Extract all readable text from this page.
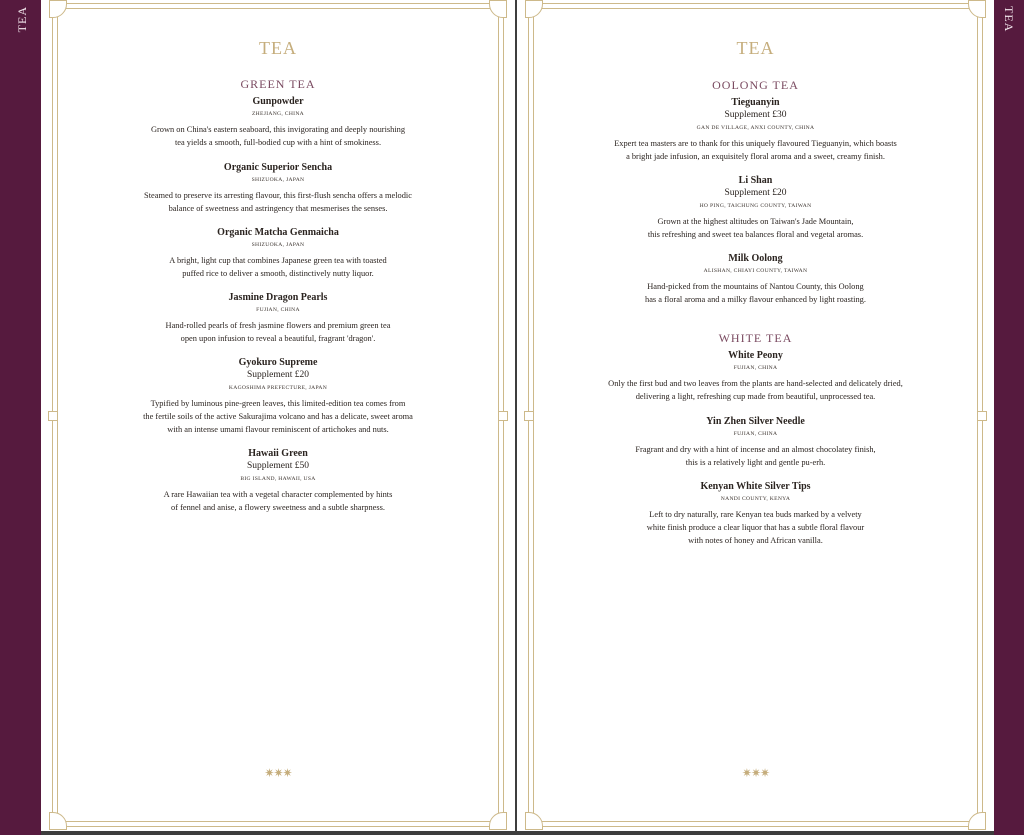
TEA	TEA
TEA
GREEN TEA
Gunpowder
ZHEJIANG, CHINA
Grown on China's eastern seaboard, this invigorating and deeply nourishing
tea yields a smooth, full-bodied cup with a hint of smokiness.
Organic Superior Sencha
SHIZUOKA, JAPAN
Steamed to preserve its arresting flavour, this first-flush sencha offers a melodic
balance of sweetness and astringency that mesmerises the senses.
Organic Matcha Genmaicha
SHIZUOKA, JAPAN
A bright, light cup that combines Japanese green tea with toasted
puffed rice to deliver a smooth, distinctively nutty liquor.
Jasmine Dragon Pearls
FUJIAN, CHINA
Hand-rolled pearls of fresh jasmine flowers and premium green tea
open upon infusion to reveal a beautiful, fragrant 'dragon'.
Gyokuro Supreme
Supplement £20
KAGOSHIMA PREFECTURE, JAPAN
Typified by luminous pine-green leaves, this limited-edition tea comes from
the fertile soils of the active Sakurajima volcano and has a delicate, sweet aroma
with an intense umami flavour reminiscent of artichokes and nuts.
Hawaii Green
Supplement £50
BIG ISLAND, HAWAII, USA
A rare Hawaiian tea with a vegetal character complemented by hints
of fennel and anise, a flowery sweetness and a subtle sharpness.
✷✷✷
TEA
OOLONG TEA
Tieguanyin
Supplement £30
GAN DE VILLAGE, ANXI COUNTY, CHINA
Expert tea masters are to thank for this uniquely flavoured Tieguanyin, which boasts
a bright jade infusion, an exquisitely floral aroma and a sweet, creamy finish.
Li Shan
Supplement £20
HO PING, TAICHUNG COUNTY, TAIWAN
Grown at the highest altitudes on Taiwan's Jade Mountain,
this refreshing and sweet tea balances floral and vegetal aromas.
Milk Oolong
ALISHAN, CHIAYI COUNTY, TAIWAN
Hand-picked from the mountains of Nantou County, this Oolong
has a floral aroma and a milky flavour enhanced by light roasting.
WHITE TEA
White Peony
FUJIAN, CHINA
Only the first bud and two leaves from the plants are hand-selected and delicately dried,
delivering a light, refreshing cup made from beautiful, unprocessed tea.
Yin Zhen Silver Needle
FUJIAN, CHINA
Fragrant and dry with a hint of incense and an almost chocolatey finish,
this is a relatively light and gentle pu-erh.
Kenyan White Silver Tips
NANDI COUNTY, KENYA
Left to dry naturally, rare Kenyan tea buds marked by a velvety
white finish produce a clear liquor that has a subtle floral flavour
with notes of honey and African vanilla.
✷✷✷
